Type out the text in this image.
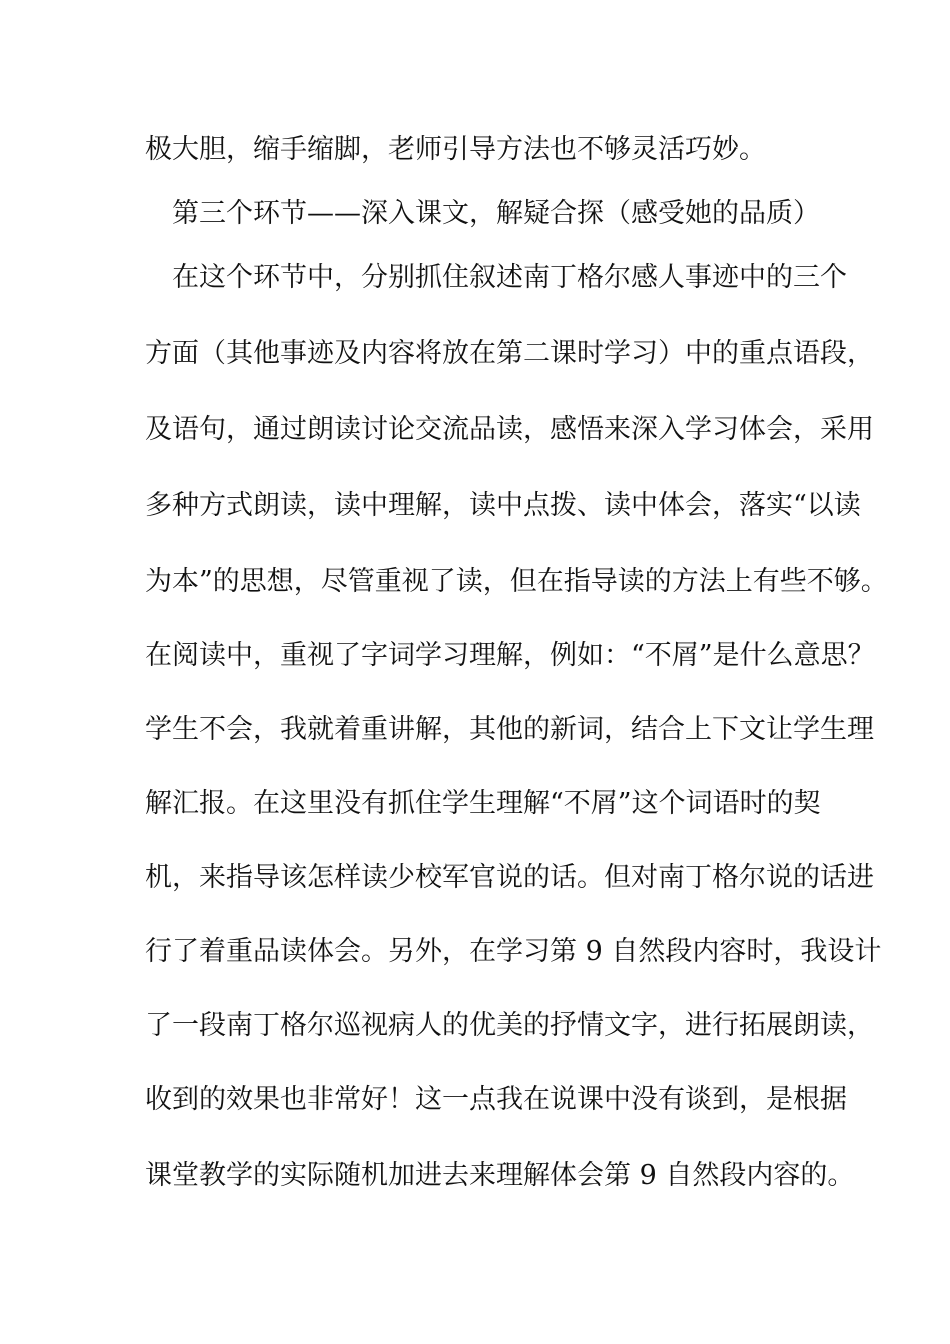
极大胆，缩手缩脚，老师引导方法也不够灵活巧妙。

第三个环节——深入课文，解疑合探（感受她的品质）

在这个环节中，分别抓住叙述南丁格尔感人事迹中的三个

方面（其他事迹及内容将放在第二课时学习）中的重点语段，

及语句，通过朗读讨论交流品读，感悟来深入学习体会，采用

多种方式朗读，读中理解，读中点拨、读中体会，落实“以读

为本”的思想，尽管重视了读，但在指导读的方法上有些不够。

在阅读中，重视了字词学习理解，例如：“不屑”是什么意思？

学生不会，我就着重讲解，其他的新词，结合上下文让学生理

解汇报。在这里没有抓住学生理解“不屑”这个词语时的契

机，来指导该怎样读少校军官说的话。但对南丁格尔说的话进

行了着重品读体会。另外，在学习第 9 自然段内容时，我设计

了一段南丁格尔巡视病人的优美的抒情文字，进行拓展朗读，

收到的效果也非常好！这一点我在说课中没有谈到，是根据

课堂教学的实际随机加进去来理解体会第 9 自然段内容的。
